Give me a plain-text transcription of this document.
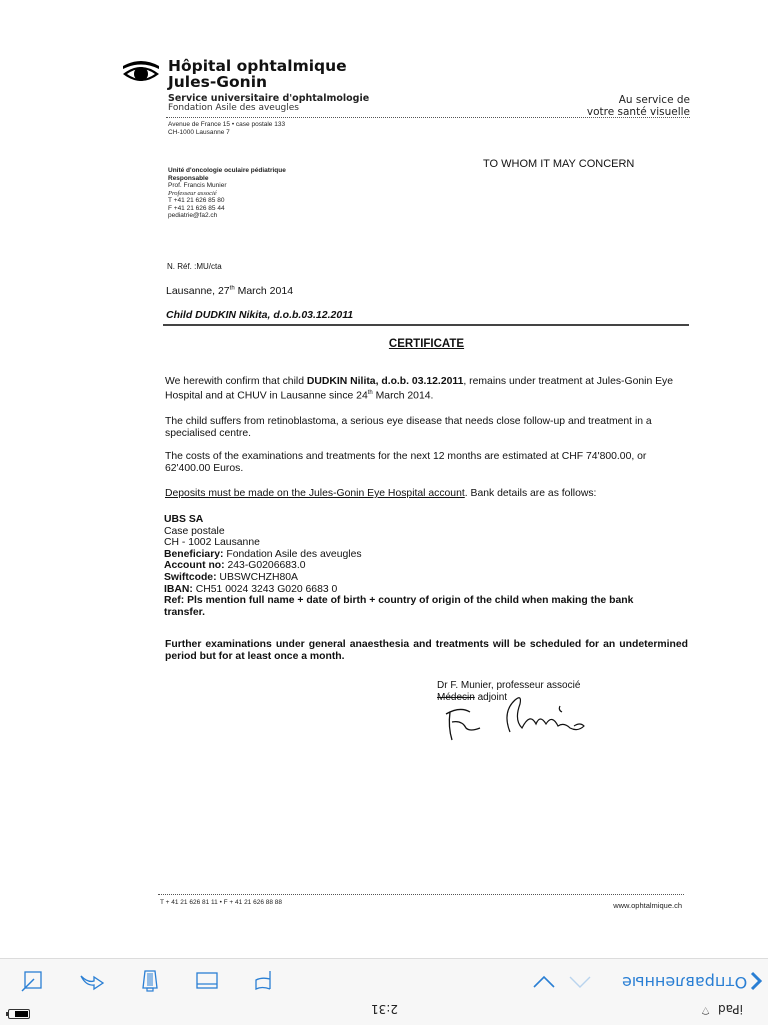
Hôpital ophtalmique
Jules-Gonin
Service universitaire d'ophtalmologie
Fondation Asile des aveugles
Au service de
votre santé visuelle
Avenue de France 15 • case postale 133
CH-1000 Lausanne 7
TO WHOM IT MAY CONCERN
Unité d'oncologie oculaire pédiatrique
Responsable
Prof. Francis Munier
Professeur associé
T +41 21 626 85 80
F +41 21 626 85 44
pediatrie@fa2.ch
N. Réf. :MU/cta
Lausanne, 27th March 2014
Child DUDKIN Nikita, d.o.b.03.12.2011
CERTIFICATE
We herewith confirm that child DUDKIN Nilita, d.o.b. 03.12.2011, remains under treatment at Jules-Gonin Eye Hospital and at CHUV in Lausanne since 24th March 2014.
The child suffers from retinoblastoma, a serious eye disease that needs close follow-up and treatment in a specialised centre.
The costs of the examinations and treatments for the next 12 months are estimated at CHF 74'800.00, or 62'400.00 Euros.
Deposits must be made on the Jules-Gonin Eye Hospital account. Bank details are as follows:
UBS SA
Case postale
CH - 1002 Lausanne
Beneficiary: Fondation Asile des aveugles
Account no: 243-G0206683.0
Swiftcode: UBSWCHZH80A
IBAN: CH51 0024 3243 G020 6683 0
Ref: Pls mention full name + date of birth + country of origin of the child when making the bank transfer.
Further examinations under general anaesthesia and treatments will be scheduled for an undetermined period but for at least once a month.
Dr F. Munier, professeur associé
Médecin adjoint
T + 41 21 626 81 11 • F + 41 21 626 88 88	www.ophtalmique.ch
Отправленные
2:31	⌔ iPad
